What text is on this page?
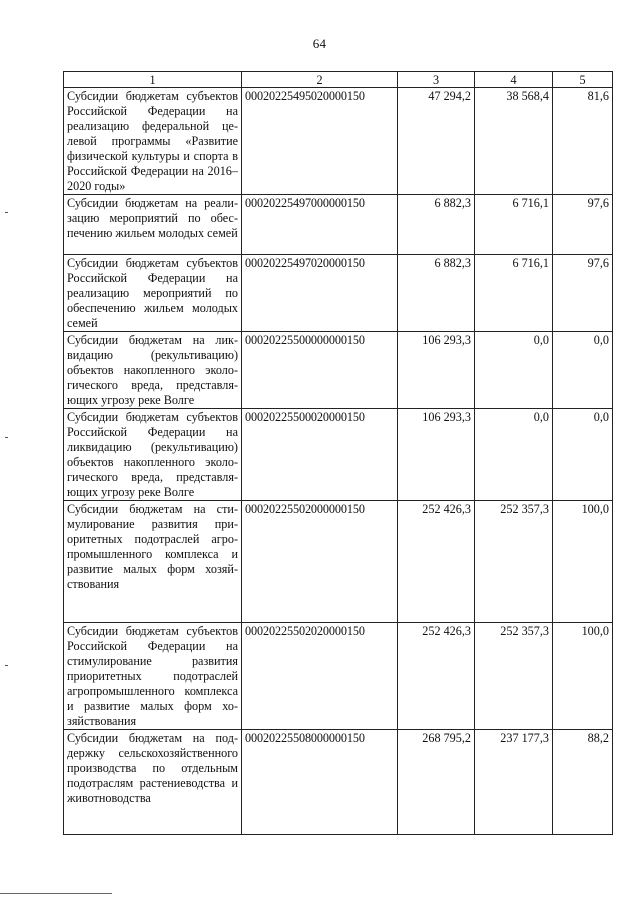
64
1	2	3	4	5
Субсидии бюджетам субъектов Российской Федерации на реализацию федеральной целевой программы «Развитие физической культуры и спорта в Российской Федерации на 2016–2020 годы»	00020225495020000150	47 294,2	38 568,4	81,6
Субсидии бюджетам на реализацию мероприятий по обеспечению жильем молодых семей	00020225497000000150	6 882,3	6 716,1	97,6
Субсидии бюджетам субъектов Российской Федерации на реализацию мероприятий по обеспечению жильем молодых семей	00020225497020000150	6 882,3	6 716,1	97,6
Субсидии бюджетам на ликвидацию (рекультивацию) объектов накопленного экологического вреда, представляющих угрозу реке Волге	00020225500000000150	106 293,3	0,0	0,0
Субсидии бюджетам субъектов Российской Федерации на ликвидацию (рекультивацию) объектов накопленного экологического вреда, представляющих угрозу реке Волге	00020225500020000150	106 293,3	0,0	0,0
Субсидии бюджетам на стимулирование развития приоритетных подотраслей агропромышленного комплекса и развитие малых форм хозяйствования	00020225502000000150	252 426,3	252 357,3	100,0
Субсидии бюджетам субъектов Российской Федерации на стимулирование развития приоритетных подотраслей агропромышленного комплекса и развитие малых форм хозяйствования	00020225502020000150	252 426,3	252 357,3	100,0
Субсидии бюджетам на поддержку сельскохозяйственного производства по отдельным подотраслям растениеводства и животноводства	00020225508000000150	268 795,2	237 177,3	88,2
